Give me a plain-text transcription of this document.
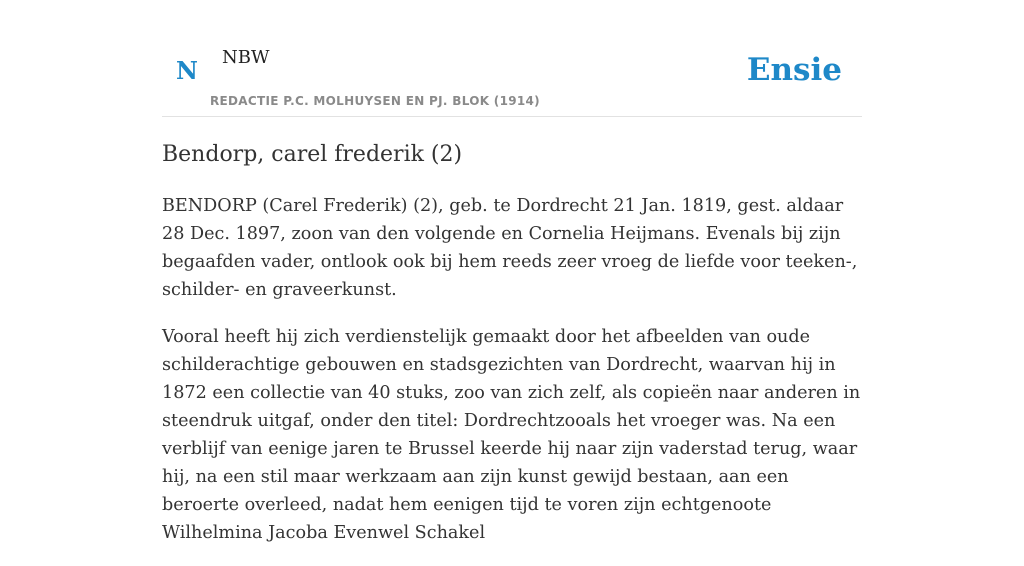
N NBW
REDACTIE P.C. MOLHUYSEN EN PJ. BLOK (1914)
Ensie
Bendorp, carel frederik (2)

BENDORP (Carel Frederik) (2), geb. te Dordrecht 21 Jan. 1819, gest. aldaar 28 Dec. 1897, zoon van den volgende en Cornelia Heijmans. Evenals bij zijn begaafden vader, ontlook ook bij hem reeds zeer vroeg de liefde voor teeken-, schilder- en graveerkunst.

Vooral heeft hij zich verdienstelijk gemaakt door het afbeelden van oude schilderachtige gebouwen en stadsgezichten van Dordrecht, waarvan hij in 1872 een collectie van 40 stuks, zoo van zich zelf, als copieën naar anderen in steendruk uitgaf, onder den titel: Dordrechtzooals het vroeger was. Na een verblijf van eenige jaren te Brussel keerde hij naar zijn vaderstad terug, waar hij, na een stil maar werkzaam aan zijn kunst gewijd bestaan, aan een beroerte overleed, nadat hem eenigen tijd te voren zijn echtgenoote Wilhelmina Jacoba Evenwel Schakel
